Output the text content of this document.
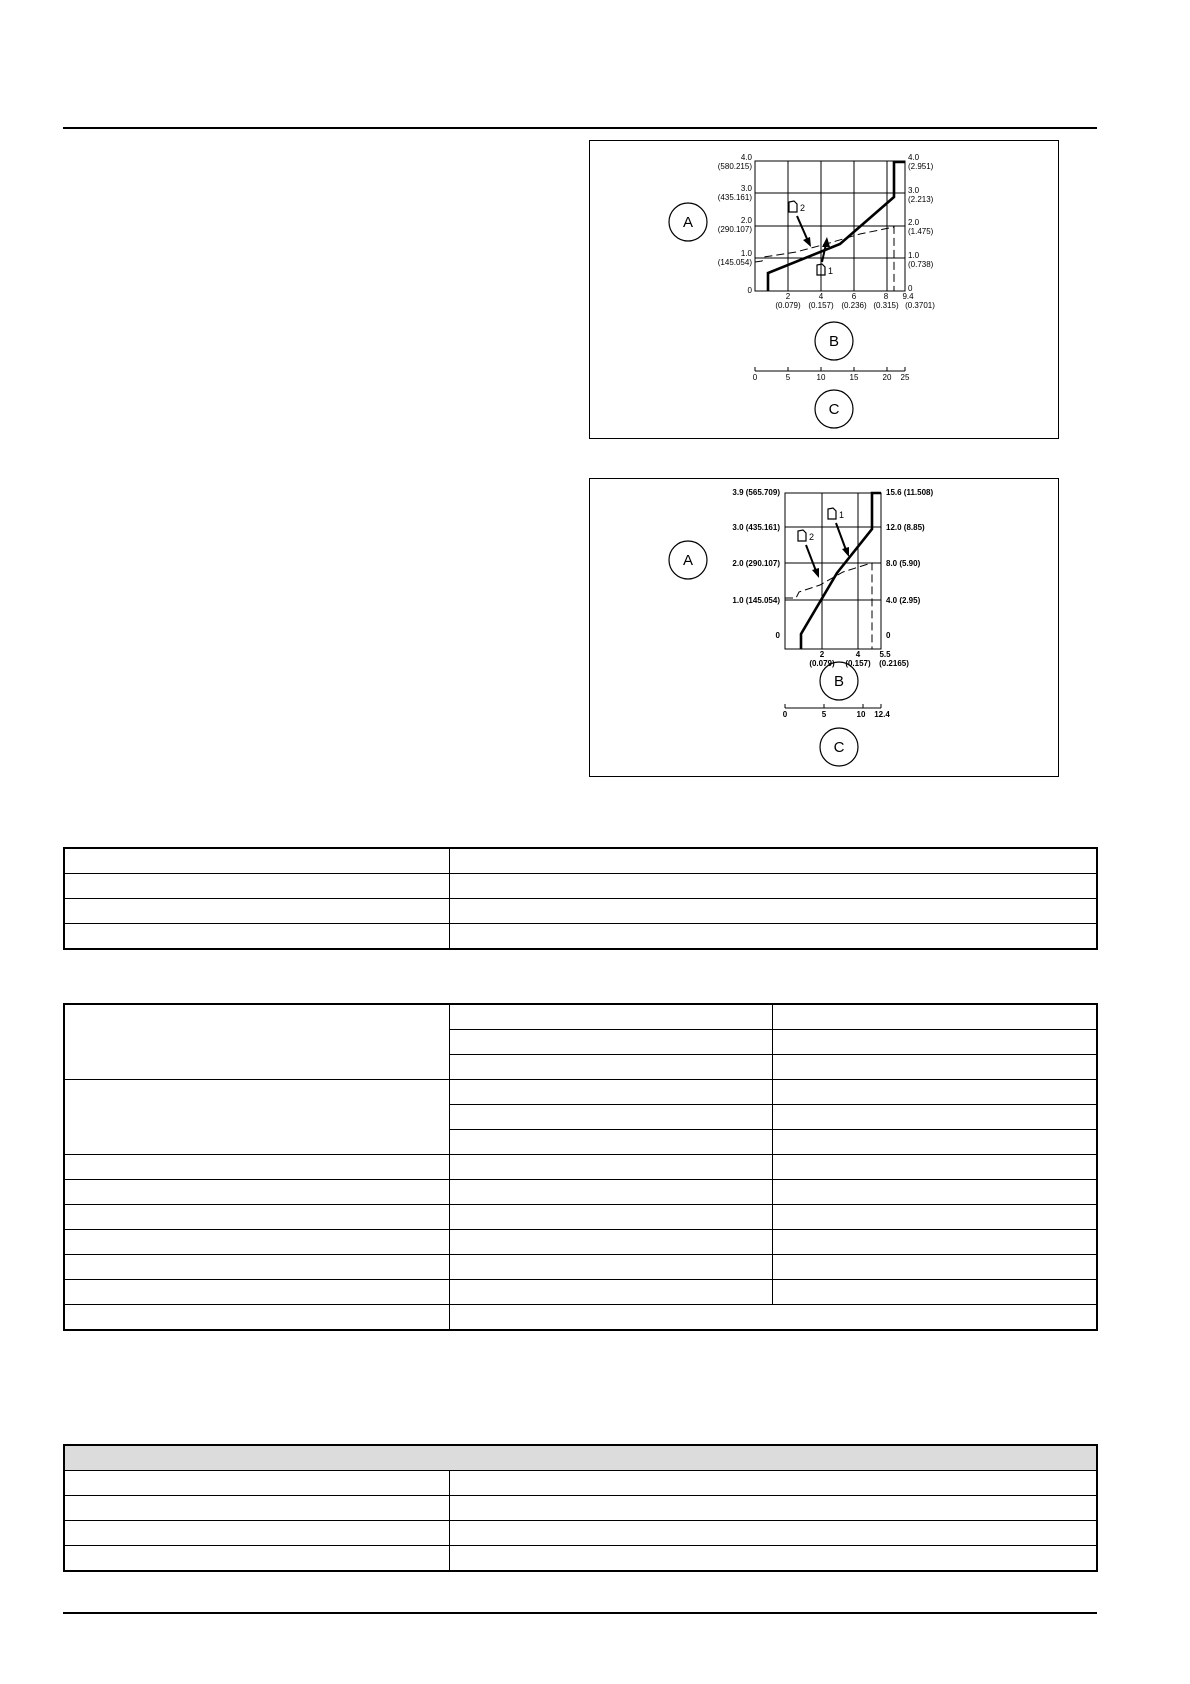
A
2
1
4.0
(580.215)
3.0
(435.161)
2.0
(290.107)
1.0
(145.054)
0
4.0
(2.951)
3.0
(2.213)
2.0
(1.475)
1.0
(0.738)
0
2
(0.079)
4
(0.157)
6
(0.236)
8
(0.315)
9.4
(0.3701)
B
0	5	10	15	20 25
C
A
1
2
3.9 (565.709)
3.0 (435.161)
2.0 (290.107)
1.0 (145.054)
0
15.6 (11.508)
12.0 (8.85)
8.0 (5.90)
4.0 (2.95)
0
2
(0.079)
4
(0.157)
5.5
(0.2165)
B
0	5	10 12.4
C
